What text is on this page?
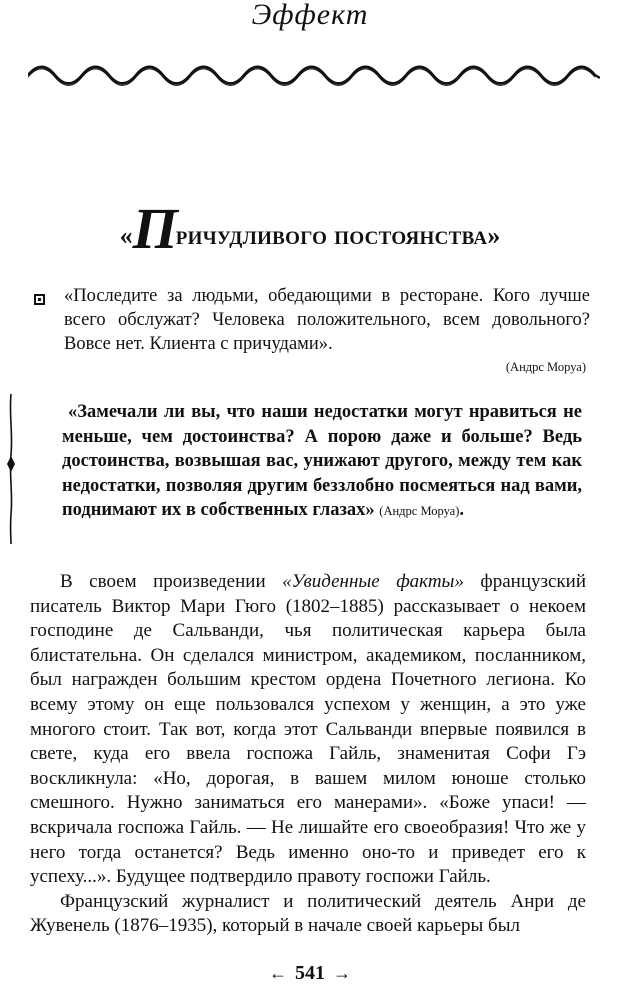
Эффект
«Причудливого постоянства»
«Последите за людьми, обедающими в ресторане. Кого лучше всего обслужат? Человека положительного, всем довольного? Вовсе нет. Клиента с причудами».
(Андрс Моруа)
«Замечали ли вы, что наши недостатки могут нравиться не меньше, чем достоинства? А порою даже и больше? Ведь достоинства, возвышая вас, унижают другого, между тем как недостатки, позволяя другим беззлобно посмеяться над вами, поднимают их в собственных глазах» (Андрс Моруа).

В своем произведении «Увиденные факты» французский писатель Виктор Мари Гюго (1802–1885) рассказывает о некоем господине де Сальванди, чья политическая карьера была блистательна. Он сделался министром, академиком, посланником, был награжден большим крестом ордена Почетного легиона. Ко всему этому он еще пользовался успехом у женщин, а это уже многого стоит. Так вот, когда этот Сальванди впервые появился в свете, куда его ввела госпожа Гайль, знаменитая Софи Гэ воскликнула: «Но, дорогая, в вашем милом юноше столько смешного. Нужно заниматься его манерами». «Боже упаси! — вскричала госпожа Гайль. — Не лишайте его своеобразия! Что же у него тогда останется? Ведь именно оно-то и приведет его к успеху...». Будущее подтвердило правоту госпожи Гайль.

Французский журналист и политический деятель Анри де Жувенель (1876–1935), который в начале своей карьеры был

← 541 →
